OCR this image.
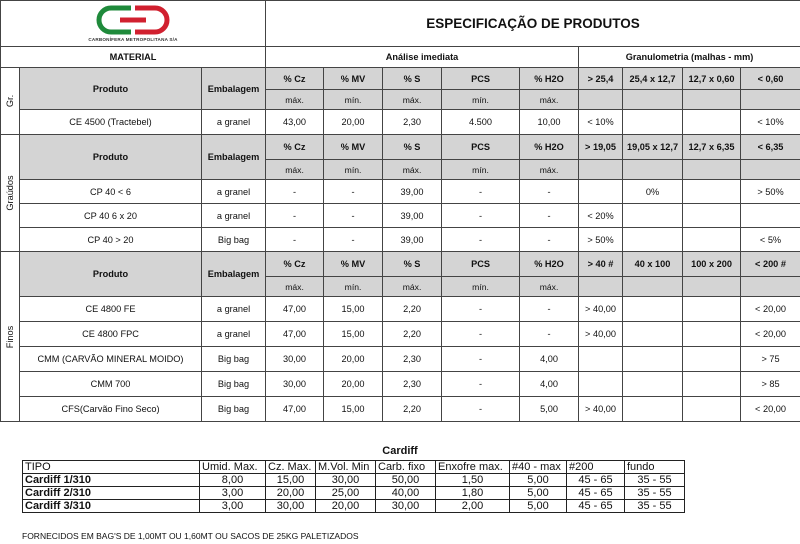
CARBONÍFERA METROPOLITANA S/A			ESPECIFICAÇÃO DE PRODUTOS								
MATERIAL			Análise imediata					Granulometria (malhas - mm)			

Gr.	Produto	Embalagem	% Cz	% MV	% S	PCS	% H2O	> 25,4	25,4 x 12,7	12,7 x 0,60	< 0,60
			máx.	mín.	máx.	mín.	máx.				
	CE 4500 (Tractebel)	a granel	43,00	20,00	2,30	4.500	10,00	< 10%			< 10%

Graúdos	Produto	Embalagem	% Cz	% MV	% S	PCS	% H2O	> 19,05	19,05 x 12,7	12,7 x 6,35	< 6,35
			máx.	mín.	máx.	mín.	máx.				
	CP 40 < 6	a granel	-	-	39,00	-	-		0%		> 50%
	CP 40 6 x 20	a granel	-	-	39,00	-	-	< 20%			
	CP 40 > 20	Big bag	-	-	39,00	-	-	> 50%			< 5%

Finos	Produto	Embalagem	% Cz	% MV	% S	PCS	% H2O	> 40 #	40 x 100	100 x 200	< 200 #
			máx.	mín.	máx.	mín.	máx.				
	CE 4800 FE	a granel	47,00	15,00	2,20	-	-	> 40,00			< 20,00
	CE 4800 FPC	a granel	47,00	15,00	2,20	-	-	> 40,00			< 20,00
	CMM (CARVÃO MINERAL MOIDO)	Big bag	30,00	20,00	2,30	-	4,00				> 75
	CMM 700	Big bag	30,00	20,00	2,30	-	4,00				> 85
	CFS(Carvão Fino Seco)	Big bag	47,00	15,00	2,20	-	5,00	> 40,00			< 20,00
Cardiff
TIPO	Umid. Max.	Cz. Max.	M.Vol. Min	Carb. fixo	Enxofre max.	#40 - max	#200	fundo
Cardiff 1/310	8,00	15,00	30,00	50,00	1,50	5,00	45 - 65	35 - 55
Cardiff 2/310	3,00	20,00	25,00	40,00	1,80	5,00	45 - 65	35 - 55
Cardiff 3/310	3,00	30,00	20,00	30,00	2,00	5,00	45 - 65	35 - 55
FORNECIDOS EM BAG'S DE 1,00MT OU 1,60MT OU SACOS DE 25KG PALETIZADOS
